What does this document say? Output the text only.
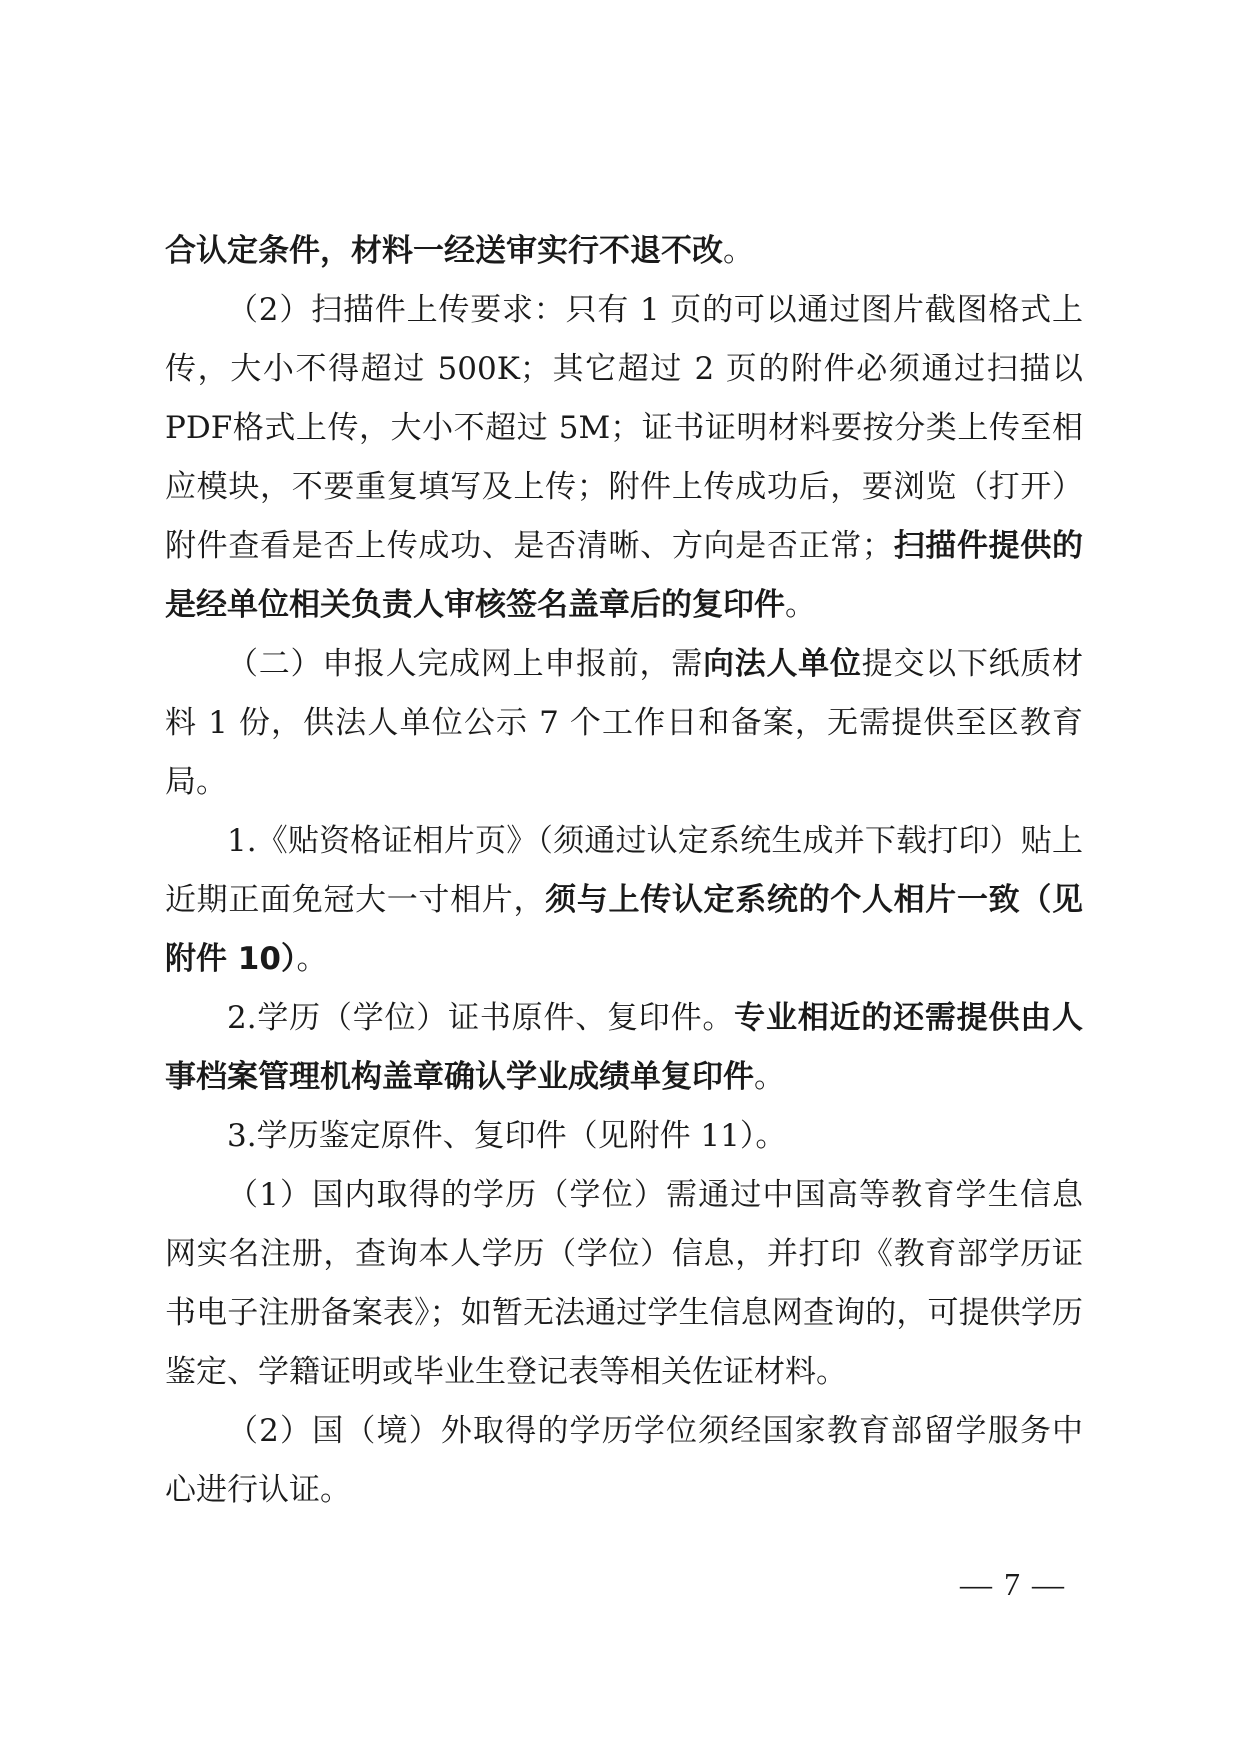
合认定条件，材料一经送审实行不退不改。

（2）扫描件上传要求：只有 1 页的可以通过图片截图格式上传，大小不得超过 500K；其它超过 2 页的附件必须通过扫描以 PDF格式上传，大小不超过 5M；证书证明材料要按分类上传至相应模块，不要重复填写及上传；附件上传成功后，要浏览（打开）附件查看是否上传成功、是否清晰、方向是否正常；扫描件提供的是经单位相关负责人审核签名盖章后的复印件。

（二）申报人完成网上申报前，需向法人单位提交以下纸质材料 1 份，供法人单位公示 7 个工作日和备案，无需提供至区教育局。

1.《贴资格证相片页》（须通过认定系统生成并下载打印）贴上近期正面免冠大一寸相片，须与上传认定系统的个人相片一致（见附件 10）。

2.学历（学位）证书原件、复印件。专业相近的还需提供由人事档案管理机构盖章确认学业成绩单复印件。

3.学历鉴定原件、复印件（见附件 11）。

（1）国内取得的学历（学位）需通过中国高等教育学生信息网实名注册，查询本人学历（学位）信息，并打印《教育部学历证书电子注册备案表》；如暂无法通过学生信息网查询的，可提供学历鉴定、学籍证明或毕业生登记表等相关佐证材料。

（2）国（境）外取得的学历学位须经国家教育部留学服务中心进行认证。

— 7 —
